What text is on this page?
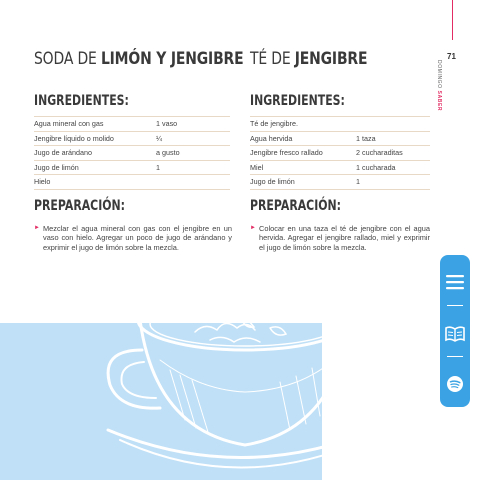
71
DOMINGO SABER
SODA DE LIMÓN Y JENGIBRE
INGREDIENTES:
Agua mineral con gas	1 vaso
Jengibre líquido o molido	¼
Jugo de arándano	a gusto
Jugo de limón	1
Hielo	
PREPARACIÓN:
► Mezclar el agua mineral con gas con el jengibre en un vaso con hielo. Agregar un poco de jugo de arándano y exprimir el jugo de limón sobre la mezcla.
TÉ DE JENGIBRE
INGREDIENTES:
Té de jengibre.	
Agua hervida	1 taza
Jengibre fresco rallado	2 cucharaditas
Miel	1 cucharada
Jugo de limón	1
PREPARACIÓN:
► Colocar en una taza el té de jengibre con el agua hervida. Agregar el jengibre rallado, miel y exprimir el jugo de limón sobre la mezcla.
